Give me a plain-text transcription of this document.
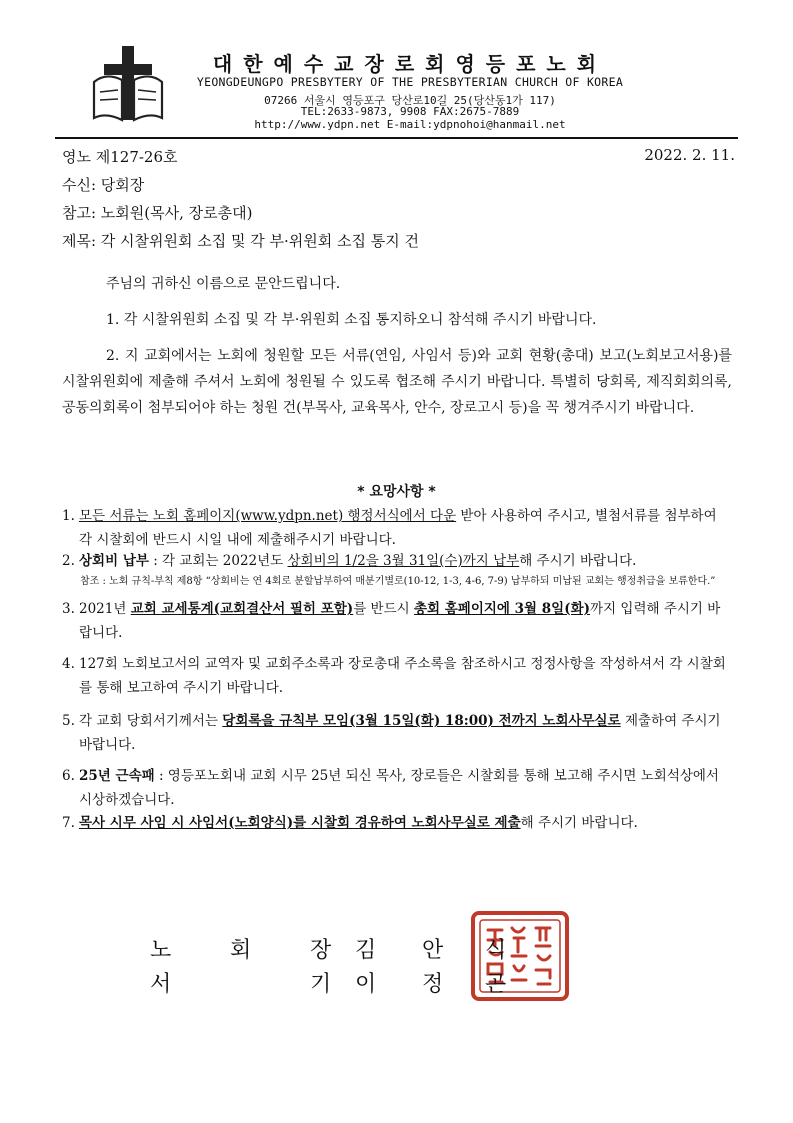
대한예수교장로회영등포노회
YEONGDEUNGPO PRESBYTERY OF THE PRESBYTERIAN CHURCH OF KOREA
07266 서울시 영등포구 당산로10길 25(당산동1가 117)
TEL:2633-9873, 9908 FAX:2675-7889
http://www.ydpn.net E-mail:ydpnohoi@hanmail.net
영노 제127-26호	2022. 2. 11.
수신: 당회장
참고: 노회원(목사, 장로총대)
제목: 각 시찰위원회 소집 및 각 부·위원회 소집 통지 건
주님의 귀하신 이름으로 문안드립니다.
1. 각 시찰위원회 소집 및 각 부·위원회 소집 통지하오니 참석해 주시기 바랍니다.
2. 지 교회에서는 노회에 청원할 모든 서류(연임, 사임서 등)와 교회 현황(총대) 보고(노회보고서용)를 시찰위원회에 제출해 주셔서 노회에 청원될 수 있도록 협조해 주시기 바랍니다. 특별히 당회록, 제직회회의록, 공동의회록이 첨부되어야 하는 청원 건(부목사, 교육목사, 안수, 장로고시 등)을 꼭 챙겨주시기 바랍니다.
* 요망사항 *
1. 모든 서류는 노회 홈페이지(www.ydpn.net) 행정서식에서 다운 받아 사용하여 주시고, 별첨서류를 첨부하여 각 시찰회에 반드시 시일 내에 제출해주시기 바랍니다.
2. 상회비 납부 : 각 교회는 2022년도 상회비의 1/2을 3월 31일(수)까지 납부해 주시기 바랍니다.
참조 : 노회 규칙-부칙 제8항 “상회비는 연 4회로 분할납부하여 매분기별로(10-12, 1-3, 4-6, 7-9) 납부하되 미납된 교회는 행정취급을 보류한다.”
3. 2021년 교회 교세통계(교회결산서 필히 포함)를 반드시 총회 홈페이지에 3월 8일(화)까지 입력해 주시기 바랍니다.
4. 127회 노회보고서의 교역자 및 교회주소록과 장로총대 주소록을 참조하시고 정정사항을 작성하셔서 각 시찰회를 통해 보고하여 주시기 바랍니다.
5. 각 교회 당회서기께서는 당회록을 규칙부 모임(3월 15일(화) 18:00) 전까지 노회사무실로 제출하여 주시기 바랍니다.
6. 25년 근속패 : 영등포노회내 교회 시무 25년 되신 목사, 장로들은 시찰회를 통해 보고해 주시면 노회석상에서 시상하겠습니다.
7. 목사 시무 사임 시 사임서(노회양식)를 시찰회 경유하여 노회사무실로 제출해 주시기 바랍니다.
노	회	장 김 안 식
서	기 이 정 곤
